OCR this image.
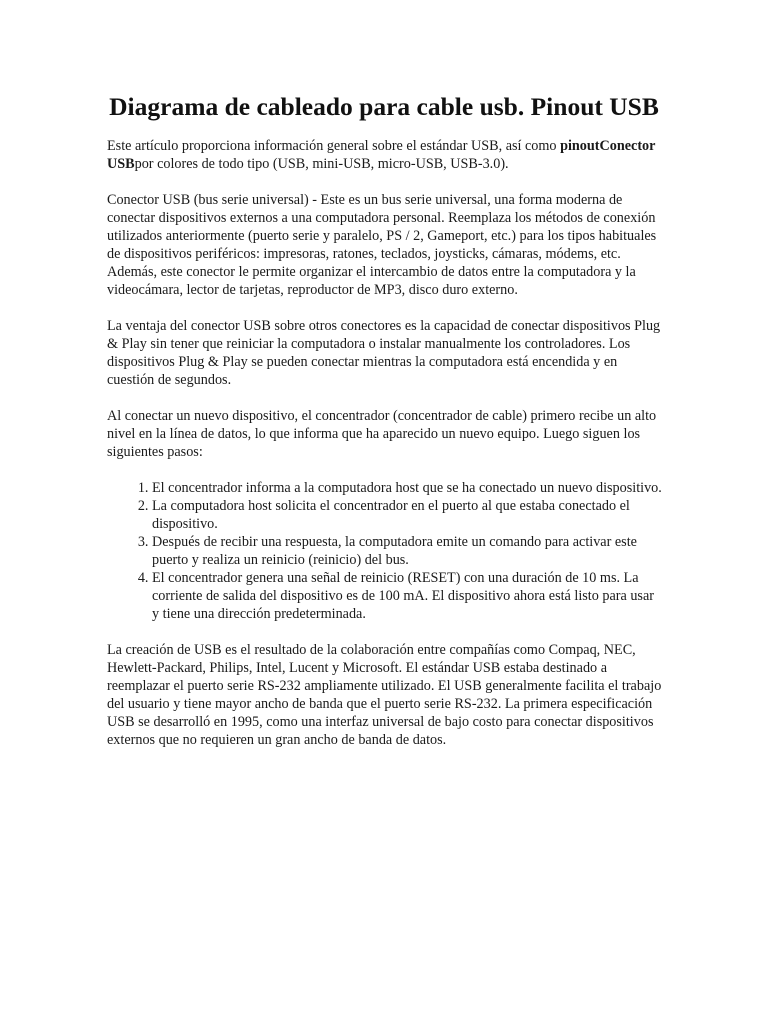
Diagrama de cableado para cable usb. Pinout USB

Este artículo proporciona información general sobre el estándar USB, así como pinoutConector USBpor colores de todo tipo (USB, mini-USB, micro-USB, USB-3.0).

Conector USB (bus serie universal) - Este es un bus serie universal, una forma moderna de conectar dispositivos externos a una computadora personal. Reemplaza los métodos de conexión utilizados anteriormente (puerto serie y paralelo, PS / 2, Gameport, etc.) para los tipos habituales de dispositivos periféricos: impresoras, ratones, teclados, joysticks, cámaras, módems, etc. Además, este conector le permite organizar el intercambio de datos entre la computadora y la videocámara, lector de tarjetas, reproductor de MP3, disco duro externo.

La ventaja del conector USB sobre otros conectores es la capacidad de conectar dispositivos Plug & Play sin tener que reiniciar la computadora o instalar manualmente los controladores. Los dispositivos Plug & Play se pueden conectar mientras la computadora está encendida y en cuestión de segundos.

Al conectar un nuevo dispositivo, el concentrador (concentrador de cable) primero recibe un alto nivel en la línea de datos, lo que informa que ha aparecido un nuevo equipo. Luego siguen los siguientes pasos:

1. El concentrador informa a la computadora host que se ha conectado un nuevo dispositivo.
2. La computadora host solicita el concentrador en el puerto al que estaba conectado el dispositivo.
3. Después de recibir una respuesta, la computadora emite un comando para activar este puerto y realiza un reinicio (reinicio) del bus.
4. El concentrador genera una señal de reinicio (RESET) con una duración de 10 ms. La corriente de salida del dispositivo es de 100 mA. El dispositivo ahora está listo para usar y tiene una dirección predeterminada.

La creación de USB es el resultado de la colaboración entre compañías como Compaq, NEC, Hewlett-Packard, Philips, Intel, Lucent y Microsoft. El estándar USB estaba destinado a reemplazar el puerto serie RS-232 ampliamente utilizado. El USB generalmente facilita el trabajo del usuario y tiene mayor ancho de banda que el puerto serie RS-232. La primera especificación USB se desarrolló en 1995, como una interfaz universal de bajo costo para conectar dispositivos externos que no requieren un gran ancho de banda de datos.
